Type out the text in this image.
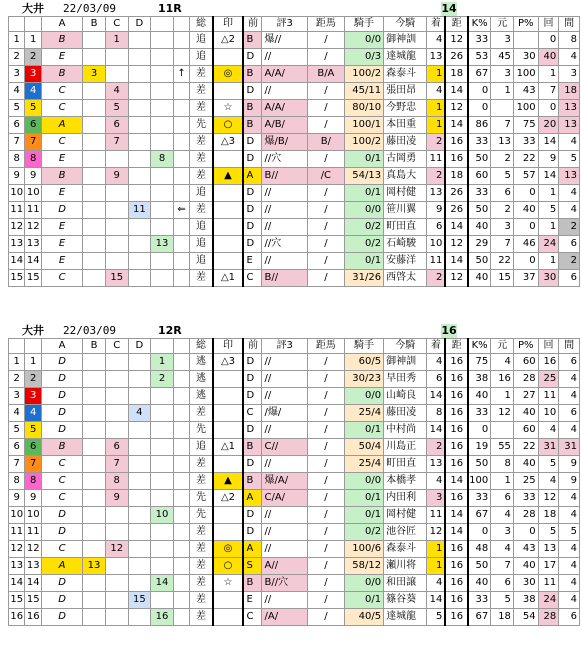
大井 22/03/09	11R	14
		A	B	C	D			総	印	前	評3	距馬	騎手	今騎	着	距	K%	元	P%	回	間
1	1	B		1				追	△2	B	爆//	/	0/0	御神訓	4	12	33	3		0	8
2	2	E						追		D	//	/	0/3	達城龍	13	26	53	45	30	40	4
3	3	B	3				↑	差	◎	B	A/A/	B/A	100/2	森泰斗	1	18	67	3	100	1	3
4	4	C		4				差		D	//	/	45/11	張田昂	4	14	0	1	43	7	18
5	5	C		5				差	☆	B	A/A/	/	80/10	今野忠	1	12	0		100	0	13
6	6	A		6				先	○	B	A/B/	/	100/1	本田重	1	14	86	7	75	20	13
7	7	C		7				差	△3	D	爆/B/	B/	100/2	藤田凌	2	16	33	13	33	14	4
8	8	E				8		差		D	//穴	/	0/1	古岡勇	11	16	50	2	22	9	5
9	9	B		9				差	▲	A	B//	/C	54/13	真島大	2	18	60	5	57	14	13
10	10	E						追		D	//	/	0/1	岡村健	13	26	33	6	0	1	4
11	11	D			11		⇐	差		D	//	/	0/0	笹川翼	9	26	50	2	40	5	4
12	12	E						追		D	//	/	0/2	町田直	6	14	40	3	0	1	2
13	13	E				13		追		D	//穴	/	0/2	石崎駿	10	12	29	7	46	24	6
14	14	E						追		E	//	/	0/1	安藤洋	11	14	50	22	0	1	2
15	15	C		15				差	△1	C	B//	/	31/26	西啓太	2	12	40	15	37	30	6
大井 22/03/09	12R	16
		A	B	C	D			総	印	前	評3	距馬	騎手	今騎	着	距	K%	元	P%	回	間
1	1	D				1		逃	△3	D	//	/	60/5	御神訓	4	16	75	4	60	16	6
2	2	D				2		逃		D	//	/	30/23	早田秀	6	16	38	16	28	25	4
3	3	D						逃		D	//	/	0/0	山崎良	14	16	40	1	27	11	4
4	4	D			4			差		C	/爆/	/	25/4	藤田凌	8	16	33	12	40	10	6
5	5	D						先		D	//	/	0/1	中村尚	14	16	0		60	4	4
6	6	B		6				追	△1	B	C//	/	50/4	川島正	2	16	19	55	22	31	31
7	7	C		7				差		D	//	/	25/4	町田直	13	16	50	8	40	5	9
8	8	C		8				差	▲	B	爆/A/	/	0/0	本橋孝	4	14	100	1	25	4	9
9	9	C		9				先	△2	A	C/A/	/	0/1	内田利	3	16	33	6	33	12	4
10	10	D				10		先		D	//	/	0/1	岡村健	11	14	67	4	28	18	4
11	11	D						差		D	//	/	0/2	池谷匠	12	14	0	3	0	5	5
12	12	C		12				差	◎	A	//	/	100/6	森泰斗	1	16	48	4	43	13	4
13	13	A	13					差	○	S	A//	/	58/12	瀬川将	1	16	50	7	40	17	4
14	14	D				14		差	☆	B	B//穴	/	0/0	和田譲	4	16	40	6	30	11	4
15	15	D			15			差		E	//	/	0/1	篠谷葵	14	16	33	5	38	24	4
16	16	D				16		差		C	/A/	/	40/5	達城龍	5	16	67	18	54	28	6
